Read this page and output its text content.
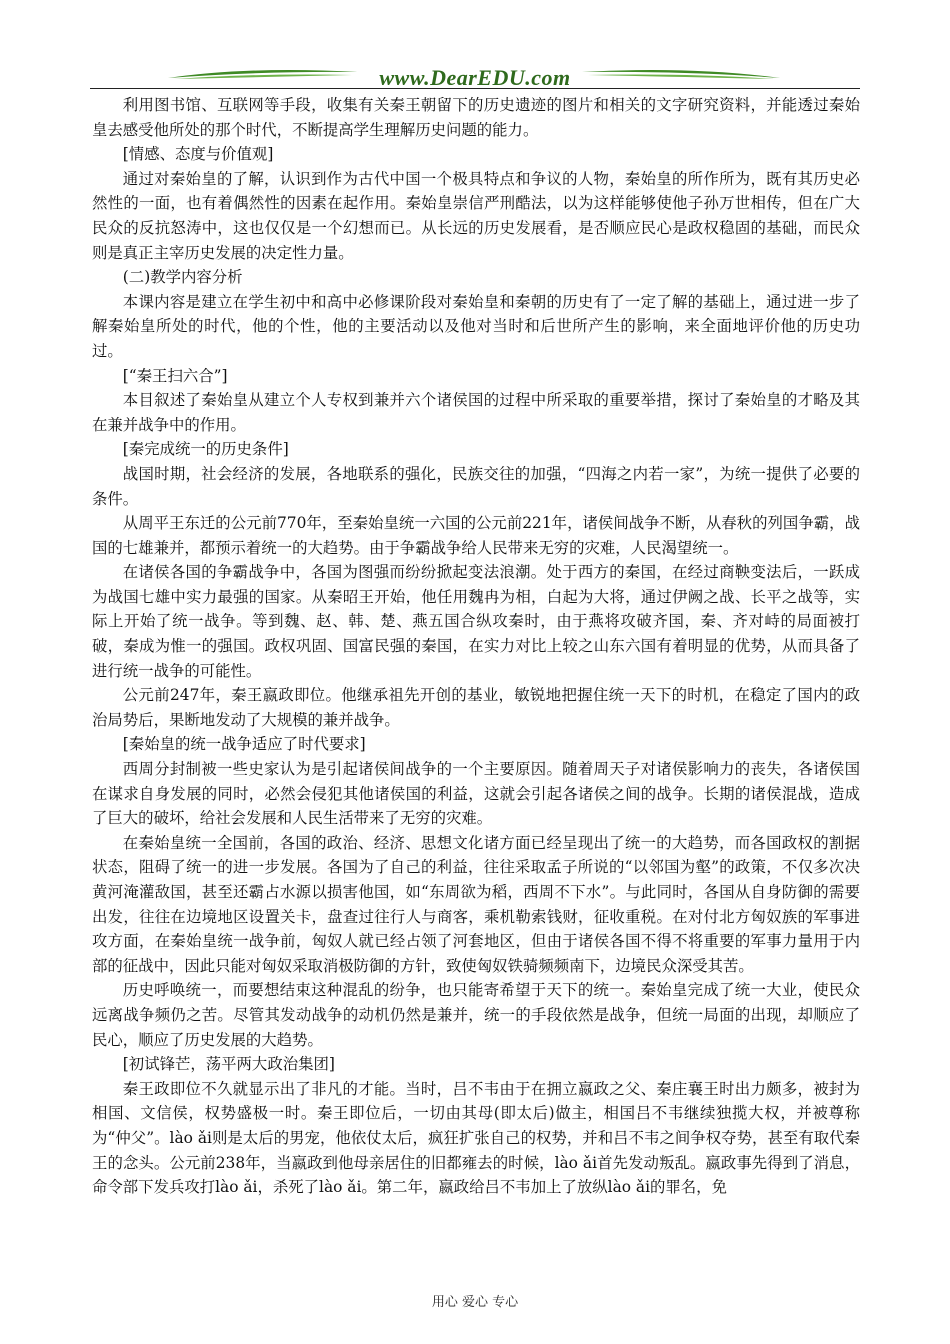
www.DearEDU.com

利用图书馆、互联网等手段，收集有关秦王朝留下的历史遗迹的图片和相关的文字研究资料，并能透过秦始皇去感受他所处的那个时代，不断提高学生理解历史问题的能力。

[情感、态度与价值观]

通过对秦始皇的了解，认识到作为古代中国一个极具特点和争议的人物，秦始皇的所作所为，既有其历史必然性的一面，也有着偶然性的因素在起作用。秦始皇崇信严刑酷法，以为这样能够使他子孙万世相传，但在广大民众的反抗怒涛中，这也仅仅是一个幻想而已。从长远的历史发展看，是否顺应民心是政权稳固的基础，而民众则是真正主宰历史发展的决定性力量。

(二)教学内容分析

本课内容是建立在学生初中和高中必修课阶段对秦始皇和秦朝的历史有了一定了解的基础上，通过进一步了解秦始皇所处的时代，他的个性，他的主要活动以及他对当时和后世所产生的影响，来全面地评价他的历史功过。

[“秦王扫六合”]

本目叙述了秦始皇从建立个人专权到兼并六个诸侯国的过程中所采取的重要举措，探讨了秦始皇的才略及其在兼并战争中的作用。

[秦完成统一的历史条件]

战国时期，社会经济的发展，各地联系的强化，民族交往的加强，“四海之内若一家”，为统一提供了必要的条件。

从周平王东迁的公元前770年，至秦始皇统一六国的公元前221年，诸侯间战争不断，从春秋的列国争霸，战国的七雄兼并，都预示着统一的大趋势。由于争霸战争给人民带来无穷的灾难，人民渴望统一。

在诸侯各国的争霸战争中，各国为图强而纷纷掀起变法浪潮。处于西方的秦国，在经过商鞅变法后，一跃成为战国七雄中实力最强的国家。从秦昭王开始，他任用魏冉为相，白起为大将，通过伊阙之战、长平之战等，实际上开始了统一战争。等到魏、赵、韩、楚、燕五国合纵攻秦时，由于燕将攻破齐国，秦、齐对峙的局面被打破，秦成为惟一的强国。政权巩固、国富民强的秦国，在实力对比上较之山东六国有着明显的优势，从而具备了进行统一战争的可能性。

公元前247年，秦王嬴政即位。他继承祖先开创的基业，敏锐地把握住统一天下的时机，在稳定了国内的政治局势后，果断地发动了大规模的兼并战争。

[秦始皇的统一战争适应了时代要求]

西周分封制被一些史家认为是引起诸侯间战争的一个主要原因。随着周天子对诸侯影响力的丧失，各诸侯国在谋求自身发展的同时，必然会侵犯其他诸侯国的利益，这就会引起各诸侯之间的战争。长期的诸侯混战，造成了巨大的破坏，给社会发展和人民生活带来了无穷的灾难。

在秦始皇统一全国前，各国的政治、经济、思想文化诸方面已经呈现出了统一的大趋势，而各国政权的割据状态，阻碍了统一的进一步发展。各国为了自己的利益，往往采取孟子所说的“以邻国为壑”的政策，不仅多次决黄河淹灌敌国，甚至还霸占水源以损害他国，如“东周欲为稻，西周不下水”。与此同时，各国从自身防御的需要出发，往往在边境地区设置关卡，盘查过往行人与商客，乘机勒索钱财，征收重税。在对付北方匈奴族的军事进攻方面，在秦始皇统一战争前，匈奴人就已经占领了河套地区，但由于诸侯各国不得不将重要的军事力量用于内部的征战中，因此只能对匈奴采取消极防御的方针，致使匈奴铁骑频频南下，边境民众深受其苦。

历史呼唤统一，而要想结束这种混乱的纷争，也只能寄希望于天下的统一。秦始皇完成了统一大业，使民众远离战争频仍之苦。尽管其发动战争的动机仍然是兼并，统一的手段依然是战争，但统一局面的出现，却顺应了民心，顺应了历史发展的大趋势。

[初试锋芒，荡平两大政治集团]

秦王政即位不久就显示出了非凡的才能。当时，吕不韦由于在拥立嬴政之父、秦庄襄王时出力颇多，被封为相国、文信侯，权势盛极一时。秦王即位后，一切由其母(即太后)做主，相国吕不韦继续独揽大权，并被尊称为“仲父”。lào ǎi则是太后的男宠，他依仗太后，疯狂扩张自己的权势，并和吕不韦之间争权夺势，甚至有取代秦王的念头。公元前238年，当嬴政到他母亲居住的旧都雍去的时候，lào ǎi首先发动叛乱。嬴政事先得到了消息，命令部下发兵攻打lào ǎi，杀死了lào ǎi。第二年，嬴政给吕不韦加上了放纵lào ǎi的罪名，免

用心 爱心 专心
